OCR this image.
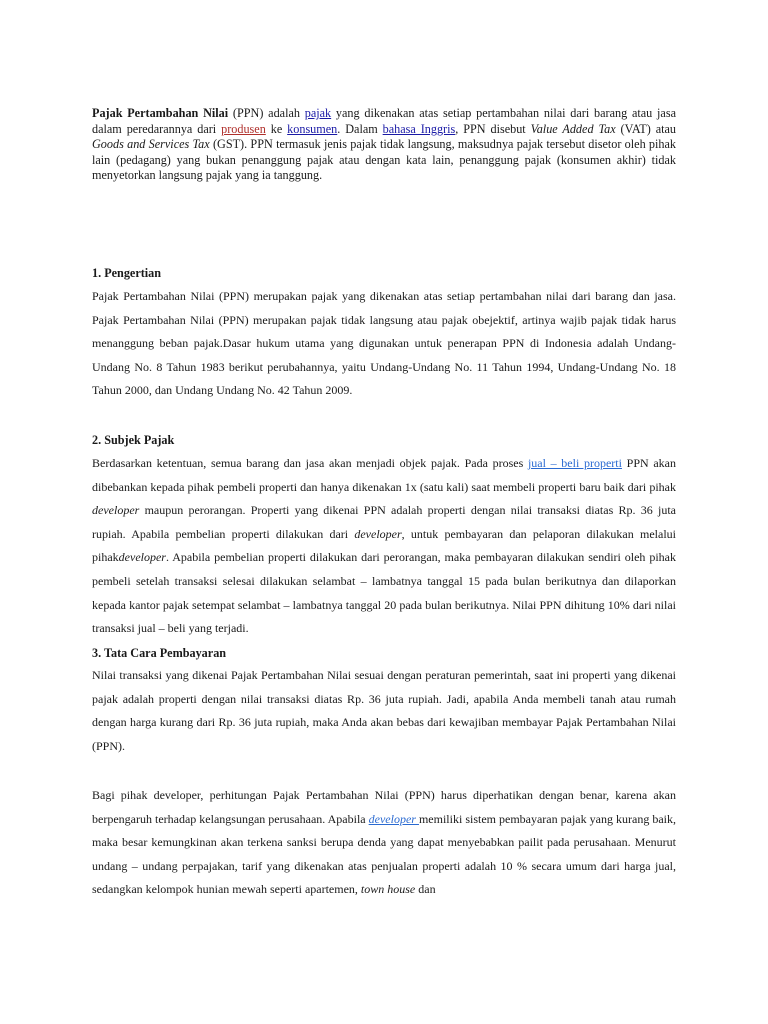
Pajak Pertambahan Nilai (PPN) adalah pajak yang dikenakan atas setiap pertambahan nilai dari barang atau jasa dalam peredarannya dari produsen ke konsumen. Dalam bahasa Inggris, PPN disebut Value Added Tax (VAT) atau Goods and Services Tax (GST). PPN termasuk jenis pajak tidak langsung, maksudnya pajak tersebut disetor oleh pihak lain (pedagang) yang bukan penanggung pajak atau dengan kata lain, penanggung pajak (konsumen akhir) tidak menyetorkan langsung pajak yang ia tanggung.

1. Pengertian

Pajak Pertambahan Nilai (PPN) merupakan pajak yang dikenakan atas setiap pertambahan nilai dari barang dan jasa. Pajak Pertambahan Nilai (PPN) merupakan pajak tidak langsung atau pajak obejektif, artinya wajib pajak tidak harus menanggung beban pajak.Dasar hukum utama yang digunakan untuk penerapan PPN di Indonesia adalah Undang-Undang No. 8 Tahun 1983 berikut perubahannya, yaitu Undang-Undang No. 11 Tahun 1994, Undang-Undang No. 18 Tahun 2000, dan Undang Undang No. 42 Tahun 2009.

2. Subjek Pajak

Berdasarkan ketentuan, semua barang dan jasa akan menjadi objek pajak. Pada proses jual – beli properti PPN akan dibebankan kepada pihak pembeli properti dan hanya dikenakan 1x (satu kali) saat membeli properti baru baik dari pihak developer maupun perorangan. Properti yang dikenai PPN adalah properti dengan nilai transaksi diatas Rp. 36 juta rupiah. Apabila pembelian properti dilakukan dari developer, untuk pembayaran dan pelaporan dilakukan melalui pihakdeveloper. Apabila pembelian properti dilakukan dari perorangan, maka pembayaran dilakukan sendiri oleh pihak pembeli setelah transaksi selesai dilakukan selambat – lambatnya tanggal 15 pada bulan berikutnya dan dilaporkan kepada kantor pajak setempat selambat – lambatnya tanggal 20 pada bulan berikutnya. Nilai PPN dihitung 10% dari nilai transaksi jual – beli yang terjadi.

3. Tata Cara Pembayaran

Nilai transaksi yang dikenai Pajak Pertambahan Nilai sesuai dengan peraturan pemerintah, saat ini properti yang dikenai pajak adalah properti dengan nilai transaksi diatas Rp. 36 juta rupiah. Jadi, apabila Anda membeli tanah atau rumah dengan harga kurang dari Rp. 36 juta rupiah, maka Anda akan bebas dari kewajiban membayar Pajak Pertambahan Nilai (PPN).

Bagi pihak developer, perhitungan Pajak Pertambahan Nilai (PPN) harus diperhatikan dengan benar, karena akan berpengaruh terhadap kelangsungan perusahaan. Apabila developer memiliki sistem pembayaran pajak yang kurang baik, maka besar kemungkinan akan terkena sanksi berupa denda yang dapat menyebabkan pailit pada perusahaan. Menurut undang – undang perpajakan, tarif yang dikenakan atas penjualan properti adalah 10 % secara umum dari harga jual, sedangkan kelompok hunian mewah seperti apartemen, town house dan
